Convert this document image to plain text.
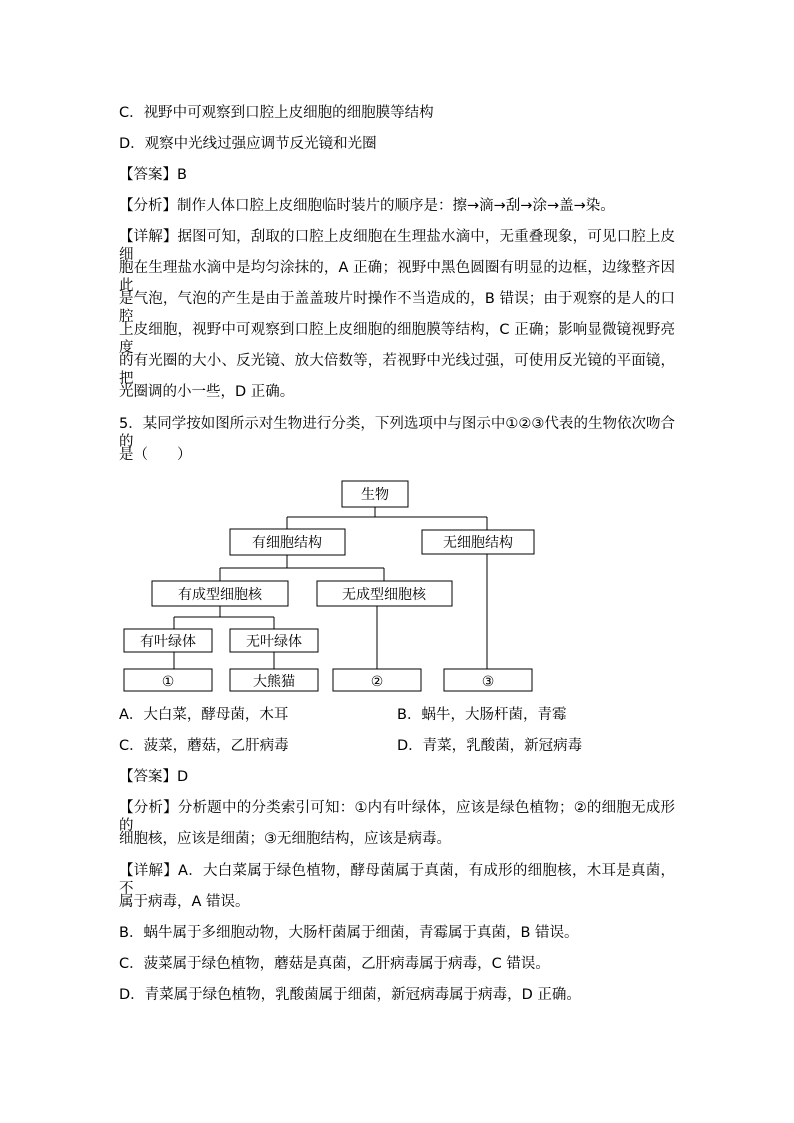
C．视野中可观察到口腔上皮细胞的细胞膜等结构
D．观察中光线过强应调节反光镜和光圈
【答案】B
【分析】制作人体口腔上皮细胞临时装片的顺序是：擦→滴→刮→涂→盖→染。
【详解】据图可知，刮取的口腔上皮细胞在生理盐水滴中，无重叠现象，可见口腔上皮细
胞在生理盐水滴中是均匀涂抹的，A 正确；视野中黑色圆圈有明显的边框，边缘整齐因此
是气泡，气泡的产生是由于盖盖玻片时操作不当造成的，B 错误；由于观察的是人的口腔
上皮细胞，视野中可观察到口腔上皮细胞的细胞膜等结构，C 正确；影响显微镜视野亮度
的有光圈的大小、反光镜、放大倍数等，若视野中光线过强，可使用反光镜的平面镜，把
光圈调的小一些，D 正确。
5．某同学按如图所示对生物进行分类，下列选项中与图示中①②③代表的生物依次吻合的
是（　　）
生物
有细胞结构	无细胞结构
有成型细胞核	无成型细胞核
有叶绿体	无叶绿体
①	大熊猫	②	③
A．大白菜，酵母菌，木耳	B．蜗牛，大肠杆菌，青霉
C．菠菜，蘑菇，乙肝病毒	D．青菜，乳酸菌，新冠病毒
【答案】D
【分析】分析题中的分类索引可知：①内有叶绿体，应该是绿色植物；②的细胞无成形的
细胞核，应该是细菌；③无细胞结构，应该是病毒。
【详解】A．大白菜属于绿色植物，酵母菌属于真菌，有成形的细胞核，木耳是真菌，不
属于病毒，A 错误。
B．蜗牛属于多细胞动物，大肠杆菌属于细菌，青霉属于真菌，B 错误。
C．菠菜属于绿色植物，蘑菇是真菌，乙肝病毒属于病毒，C 错误。
D．青菜属于绿色植物，乳酸菌属于细菌，新冠病毒属于病毒，D 正确。
